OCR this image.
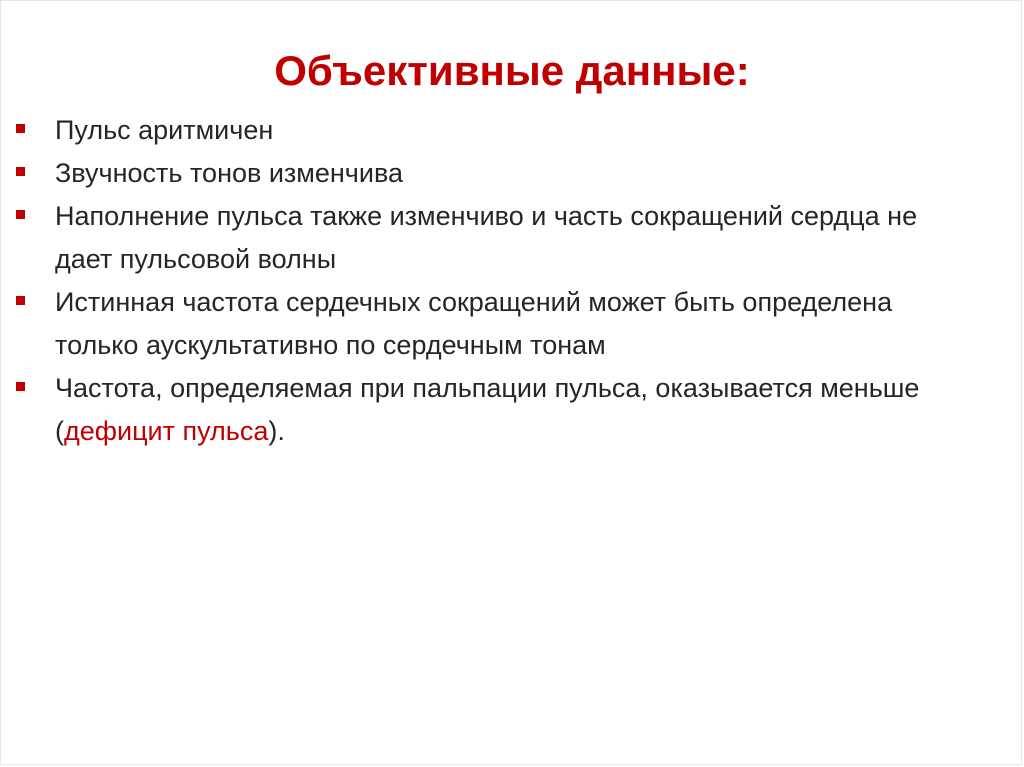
Объективные данные:
Пульс аритмичен
Звучность тонов изменчива
Наполнение пульса также изменчиво и часть сокращений сердца не дает пульсовой волны
Истинная частота сердечных сокращений может быть определена только аускультативно по сердечным тонам
Частота, определяемая при пальпации пульса, оказывается меньше (дефицит пульса).
